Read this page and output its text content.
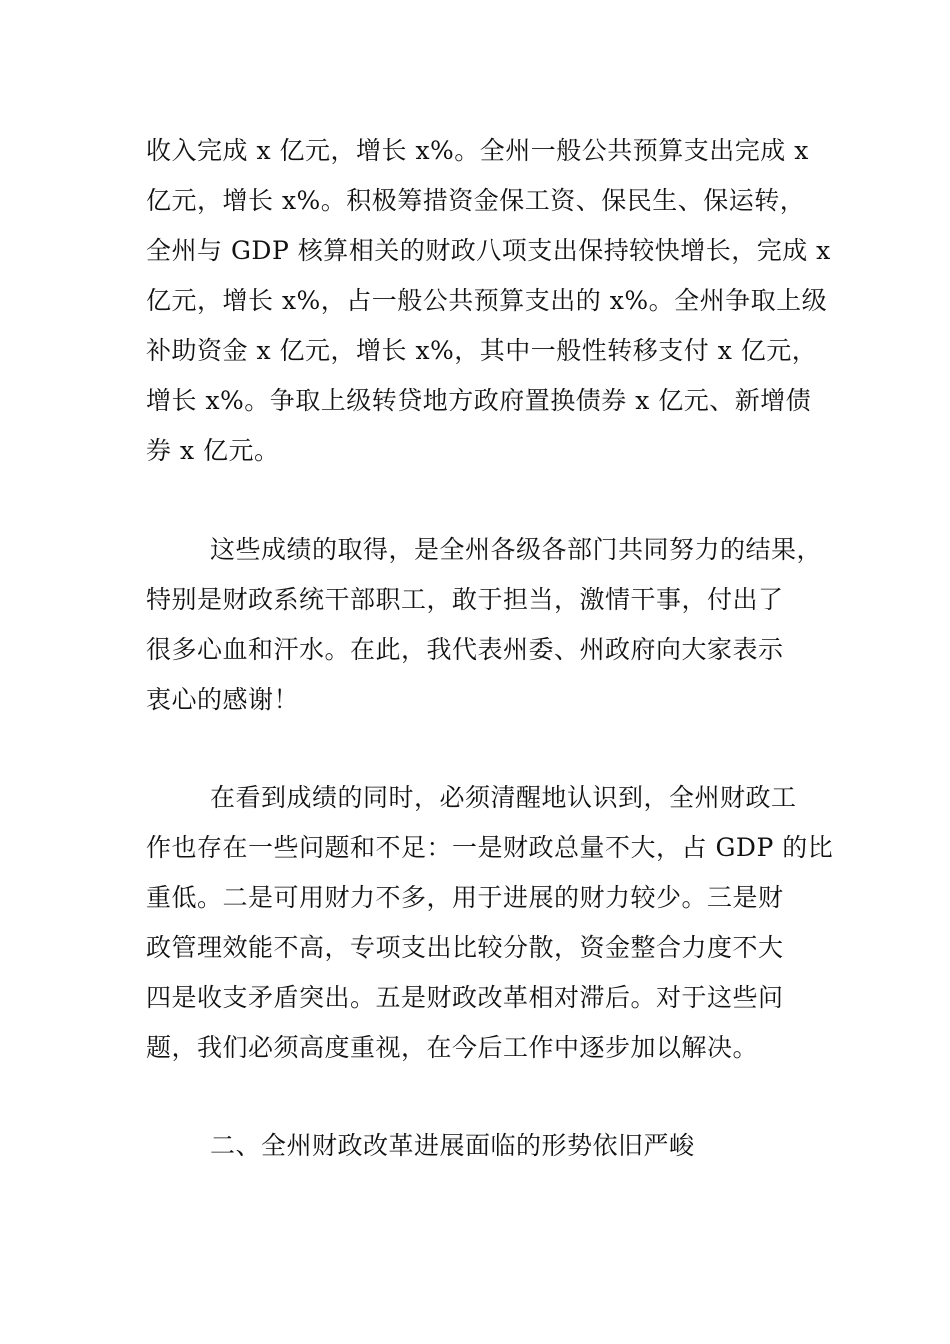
收入完成 x 亿元，增长 x%。全州一般公共预算支出完成 x
亿元，增长 x%。积极筹措资金保工资、保民生、保运转，
全州与 GDP 核算相关的财政八项支出保持较快增长，完成 x
亿元，增长 x%，占一般公共预算支出的 x%。全州争取上级
补助资金 x 亿元，增长 x%，其中一般性转移支付 x 亿元，
增长 x%。争取上级转贷地方政府置换债券 x 亿元、新增债
券 x 亿元。
这些成绩的取得，是全州各级各部门共同努力的结果，
特别是财政系统干部职工，敢于担当，激情干事，付出了
很多心血和汗水。在此，我代表州委、州政府向大家表示
衷心的感谢！
在看到成绩的同时，必须清醒地认识到，全州财政工
作也存在一些问题和不足：一是财政总量不大，占 GDP 的比
重低。二是可用财力不多，用于进展的财力较少。三是财
政管理效能不高，专项支出比较分散，资金整合力度不大
四是收支矛盾突出。五是财政改革相对滞后。对于这些问
题，我们必须高度重视，在今后工作中逐步加以解决。
二、全州财政改革进展面临的形势依旧严峻
